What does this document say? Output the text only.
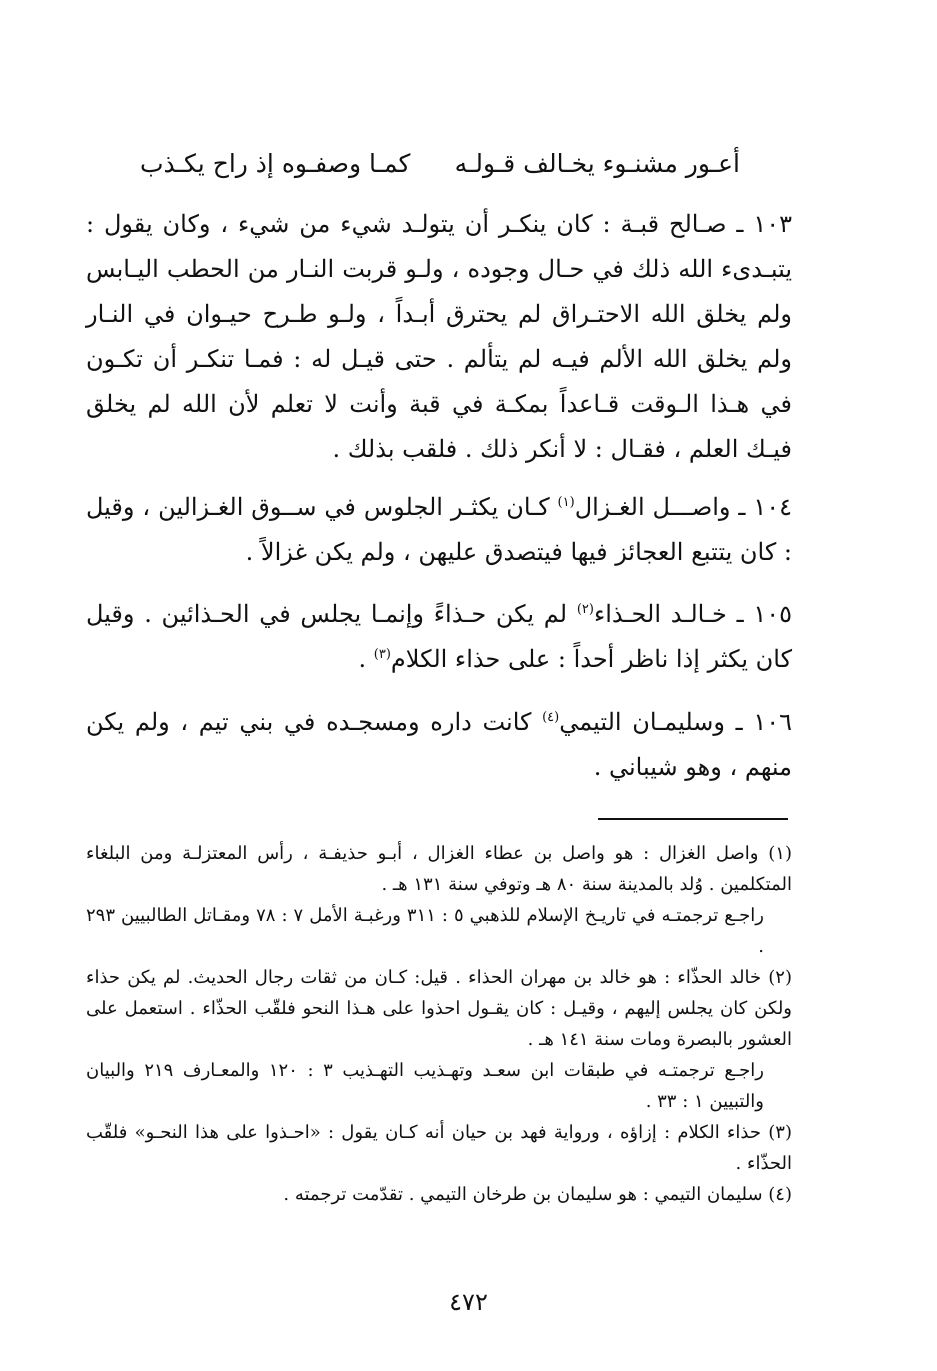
أعـور مشنـوء يخـالف قـولـه
كمـا وصفـوه إذ راح يكـذب

١٠٣ ـ صـالح قبـة : كان ينكـر أن يتولـد شيء من شيء ، وكان يقول : يتبـدىء الله ذلك في حـال وجوده ، ولـو قربت النـار من الحطب اليـابس ولم يخلق الله الاحتـراق لم يحترق أبـداً ، ولـو طـرح حيـوان في النـار ولم يخلق الله الألم فيـه لم يتألم . حتى قيـل له : فمـا تنكـر أن تكـون في هـذا الـوقت قـاعداً بمكـة في قبة وأنت لا تعلم لأن الله لم يخلق فيـك العلم ، فقـال : لا أنكر ذلك . فلقب بذلك .

١٠٤ ـ واصـــل الغـزال$^{(١)}$ كـان يكثـر الجلوس في ســوق الغـزالين ، وقيل : كان يتتبع العجائز فيها فيتصدق عليهن ، ولم يكن غزالاً .

١٠٥ ـ خـالـد الحـذاء$^{(٢)}$ لم يكن حـذاءً وإنمـا يجلس في الحـذائين . وقيل كان يكثر إذا ناظر أحداً : على حذاء الكلام$^{(٣)}$ .

١٠٦ ـ وسليمـان التيمي$^{(٤)}$ كانت داره ومسجـده في بني تيم ، ولم يكن منهم ، وهو شيباني .

(١) واصل الغزال : هو واصل بن عطاء الغزال ، أبـو حذيفـة ، رأس المعتزلـة ومن البلغاء المتكلمين . وُلد بالمدينة سنة ٨٠ هـ وتوفي سنة ١٣١ هـ .

راجـع ترجمتـه في تاريـخ الإسلام للذهبي ٥ : ٣١١ ورغبـة الأمل ٧ : ٧٨ ومقـاتل الطالبيين ٢٩٣ .

(٢) خالد الحذّاء : هو خالد بن مهران الحذاء . قيل: كـان من ثقات رجال الحديث. لم يكن حذاء ولكن كان يجلس إليهم ، وقيـل : كان يقـول احذوا على هـذا النحو فلقّب الحذّاء . استعمل على العشور بالبصرة ومات سنة ١٤١ هـ .

راجـع ترجمتـه في طبقات ابن سعـد وتهـذيب التهـذيب ٣ : ١٢٠ والمعـارف ٢١٩ والبيان والتبيين ١ : ٣٣ .

(٣) حذاء الكلام : إزاؤه ، ورواية فهد بن حيان أنه كـان يقول : «احـذوا على هذا النحـو» فلقّب الحذّاء .

(٤) سليمان التيمي : هو سليمان بن طرخان التيمي . تقدّمت ترجمته .

٤٧٢
